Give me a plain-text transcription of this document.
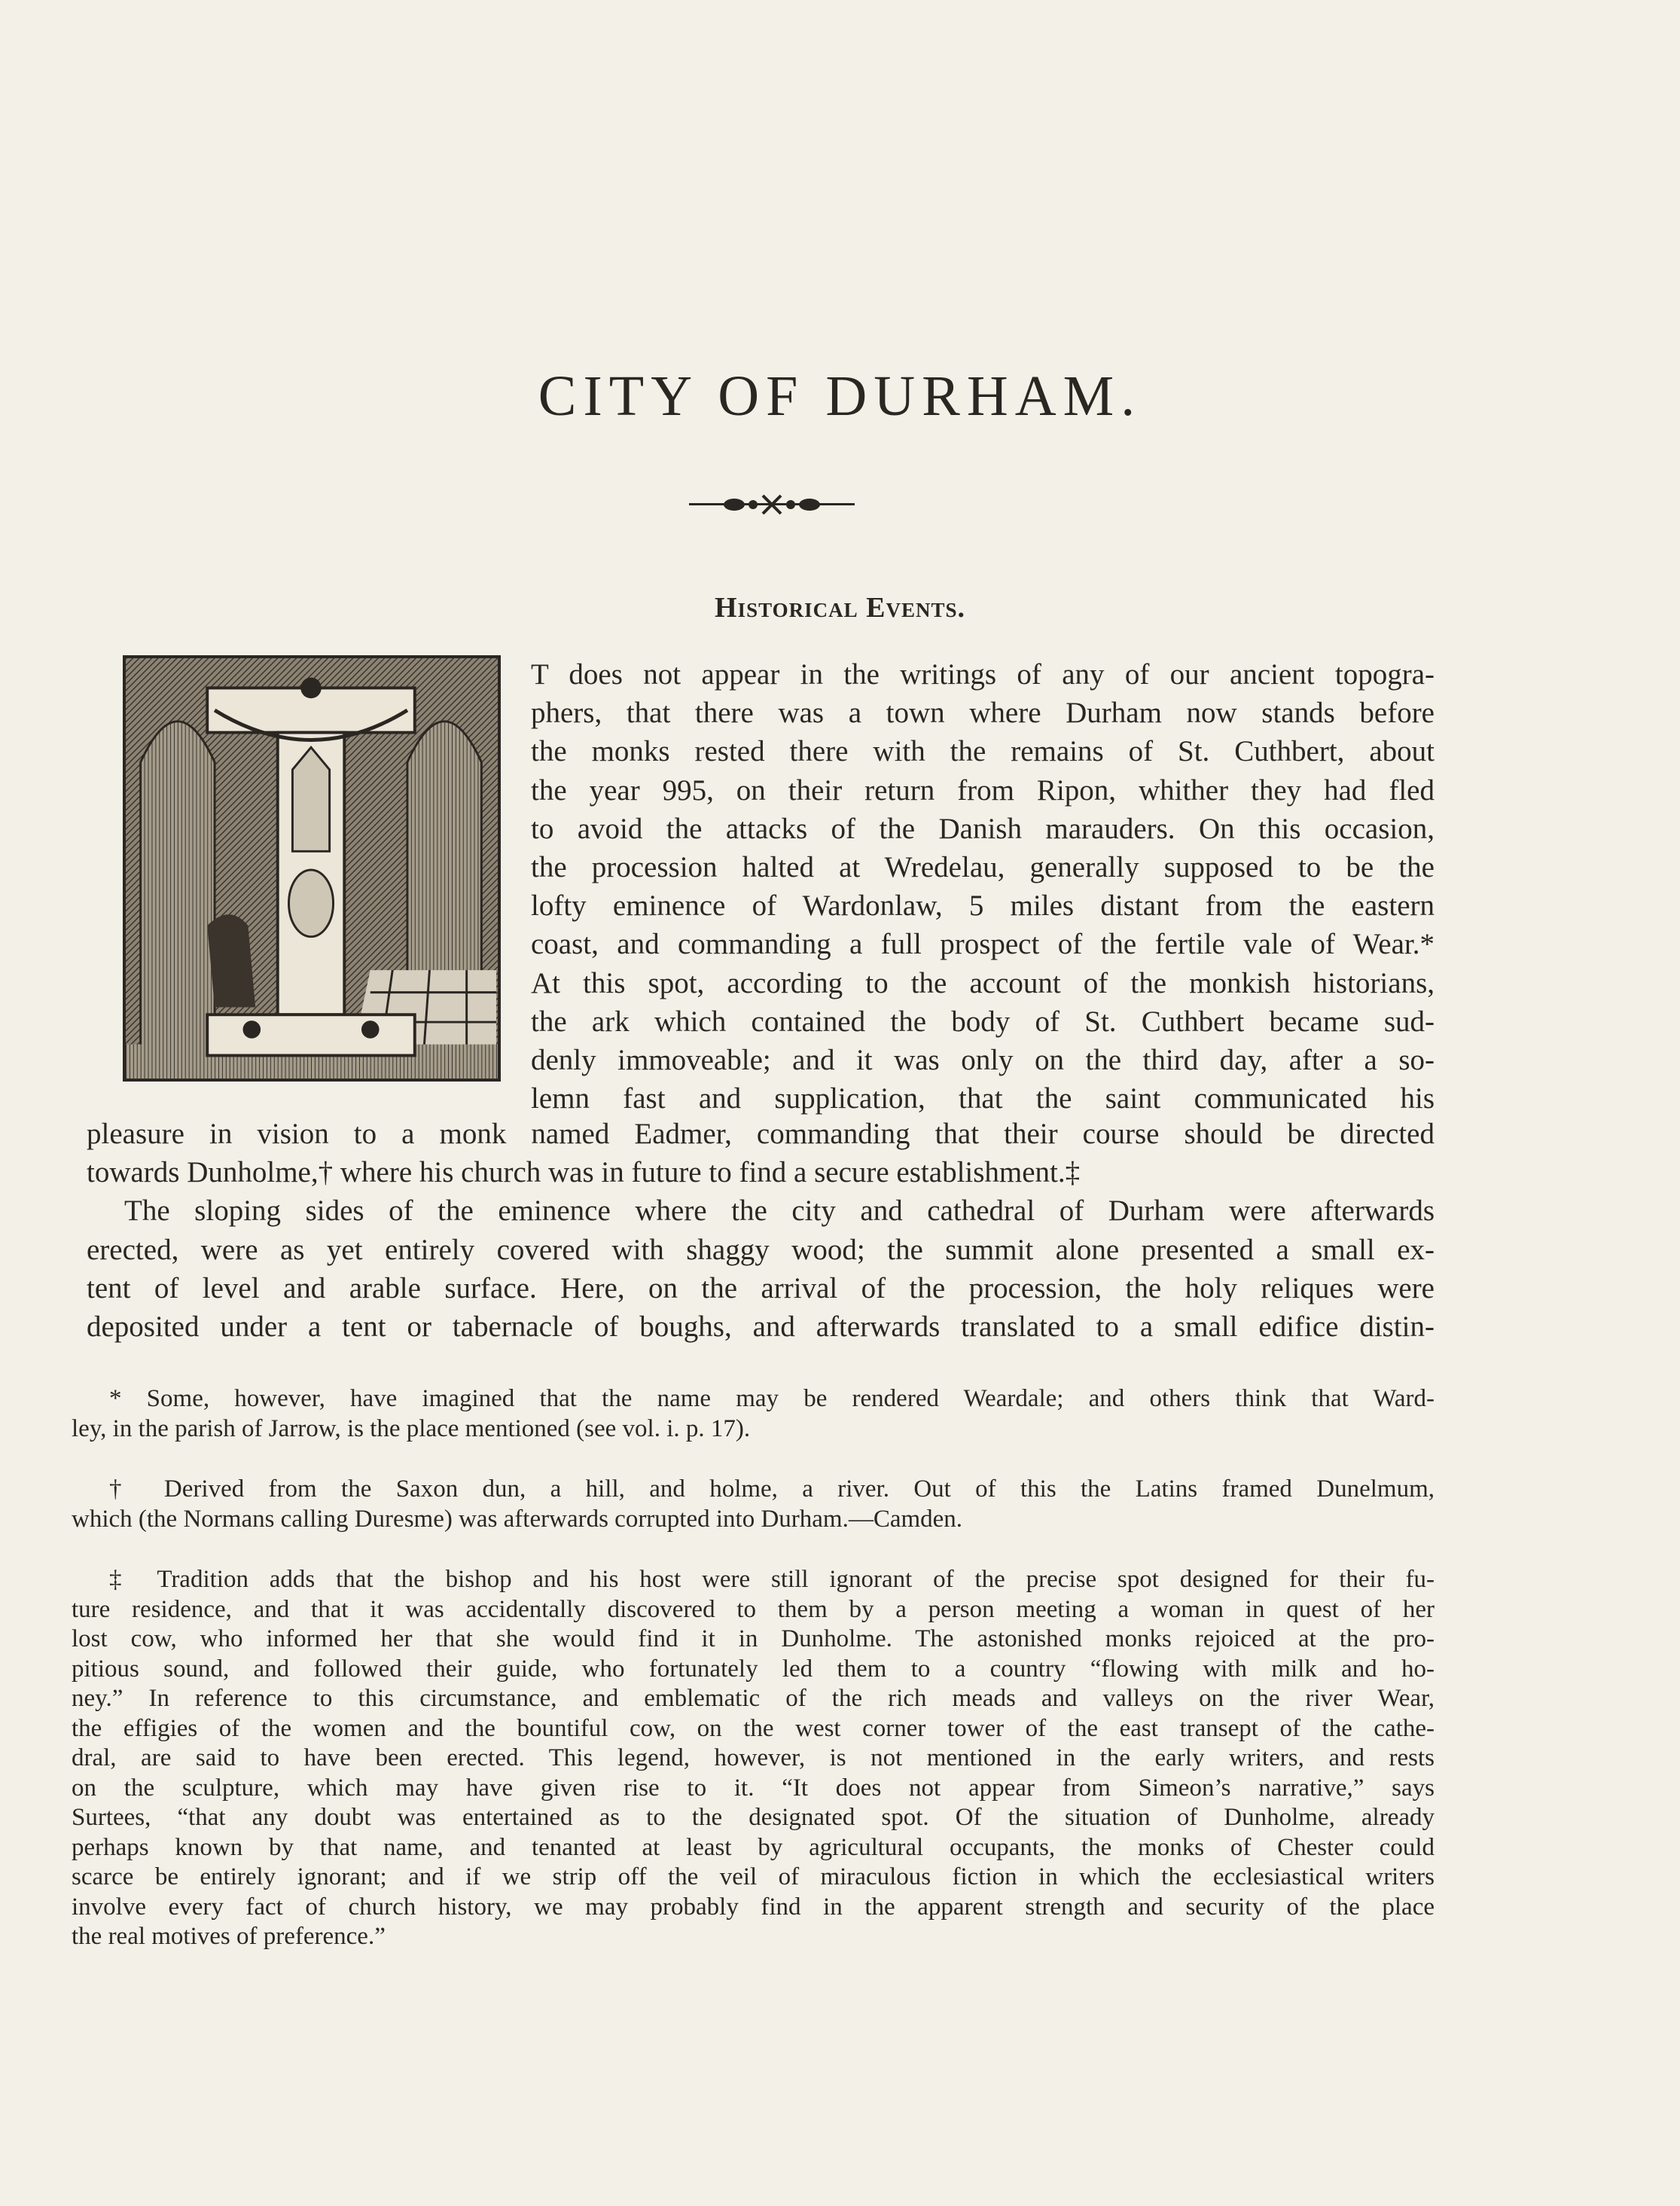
CITY OF DURHAM.
Historical Events.
T does not appear in the writings of any of our ancient topogra-
phers, that there was a town where Durham now stands before
the monks rested there with the remains of St. Cuthbert, about
the year 995, on their return from Ripon, whither they had fled
to avoid the attacks of the Danish marauders. On this occasion,
the procession halted at Wredelau, generally supposed to be the
lofty eminence of Wardonlaw, 5 miles distant from the eastern
coast, and commanding a full prospect of the fertile vale of Wear.*
At this spot, according to the account of the monkish historians,
the ark which contained the body of St. Cuthbert became sud-
denly immoveable; and it was only on the third day, after a so-
lemn fast and supplication, that the saint communicated his
pleasure in vision to a monk named Eadmer, commanding that their course should be directed
towards Dunholme,† where his church was in future to find a secure establishment.‡
The sloping sides of the eminence where the city and cathedral of Durham were afterwards
erected, were as yet entirely covered with shaggy wood; the summit alone presented a small ex-
tent of level and arable surface. Here, on the arrival of the procession, the holy reliques were
deposited under a tent or tabernacle of boughs, and afterwards translated to a small edifice distin-
* Some, however, have imagined that the name may be rendered Weardale; and others think that Ward-
ley, in the parish of Jarrow, is the place mentioned (see vol. i. p. 17).
† Derived from the Saxon dun, a hill, and holme, a river. Out of this the Latins framed Dunelmum,
which (the Normans calling Duresme) was afterwards corrupted into Durham.—Camden.
‡ Tradition adds that the bishop and his host were still ignorant of the precise spot designed for their fu-
ture residence, and that it was accidentally discovered to them by a person meeting a woman in quest of her
lost cow, who informed her that she would find it in Dunholme. The astonished monks rejoiced at the pro-
pitious sound, and followed their guide, who fortunately led them to a country “flowing with milk and ho-
ney.” In reference to this circumstance, and emblematic of the rich meads and valleys on the river Wear,
the effigies of the women and the bountiful cow, on the west corner tower of the east transept of the cathe-
dral, are said to have been erected. This legend, however, is not mentioned in the early writers, and rests
on the sculpture, which may have given rise to it. “It does not appear from Simeon’s narrative,” says
Surtees, “that any doubt was entertained as to the designated spot. Of the situation of Dunholme, already
perhaps known by that name, and tenanted at least by agricultural occupants, the monks of Chester could
scarce be entirely ignorant; and if we strip off the veil of miraculous fiction in which the ecclesiastical writers
involve every fact of church history, we may probably find in the apparent strength and security of the place
the real motives of preference.”
